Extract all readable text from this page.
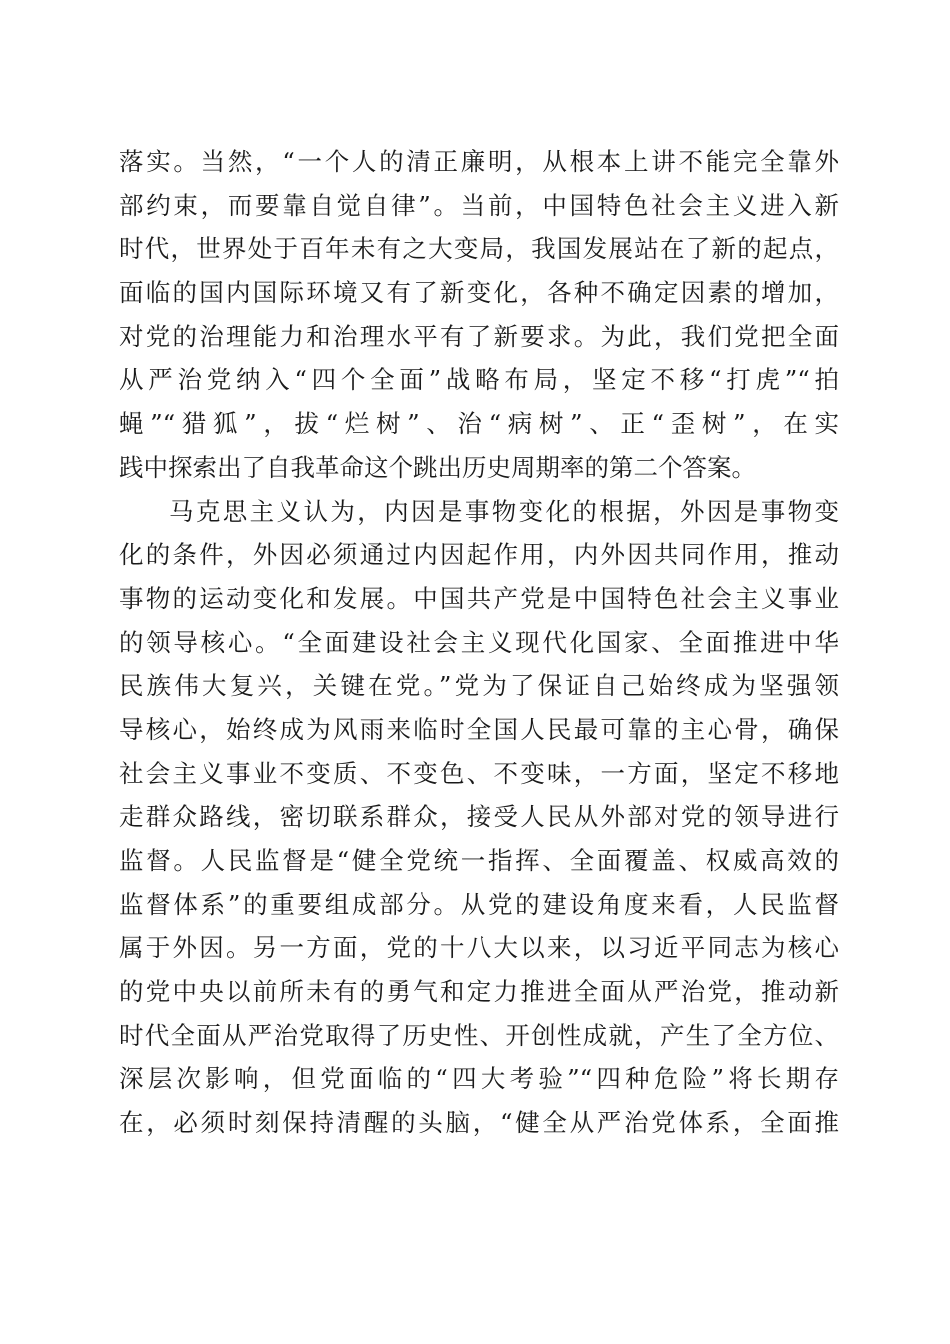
落实。当然，“一个人的清正廉明，从根本上讲不能完全靠外
部约束，而要靠自觉自律”。当前，中国特色社会主义进入新
时代，世界处于百年未有之大变局，我国发展站在了新的起点，
面临的国内国际环境又有了新变化，各种不确定因素的增加，
对党的治理能力和治理水平有了新要求。为此，我们党把全面
从严治党纳入“四个全面”战略布局，坚定不移“打虎”“拍
蝇”“猎狐”，拔“烂树”、治“病树”、正“歪树”，在实
践中探索出了自我革命这个跳出历史周期率的第二个答案。
马克思主义认为，内因是事物变化的根据，外因是事物变
化的条件，外因必须通过内因起作用，内外因共同作用，推动
事物的运动变化和发展。中国共产党是中国特色社会主义事业
的领导核心。“全面建设社会主义现代化国家、全面推进中华
民族伟大复兴，关键在党。”党为了保证自己始终成为坚强领
导核心，始终成为风雨来临时全国人民最可靠的主心骨，确保
社会主义事业不变质、不变色、不变味，一方面，坚定不移地
走群众路线，密切联系群众，接受人民从外部对党的领导进行
监督。人民监督是“健全党统一指挥、全面覆盖、权威高效的
监督体系”的重要组成部分。从党的建设角度来看，人民监督
属于外因。另一方面，党的十八大以来，以习近平同志为核心
的党中央以前所未有的勇气和定力推进全面从严治党，推动新
时代全面从严治党取得了历史性、开创性成就，产生了全方位、
深层次影响，但党面临的“四大考验”“四种危险”将长期存
在，必须时刻保持清醒的头脑，“健全从严治党体系，全面推
